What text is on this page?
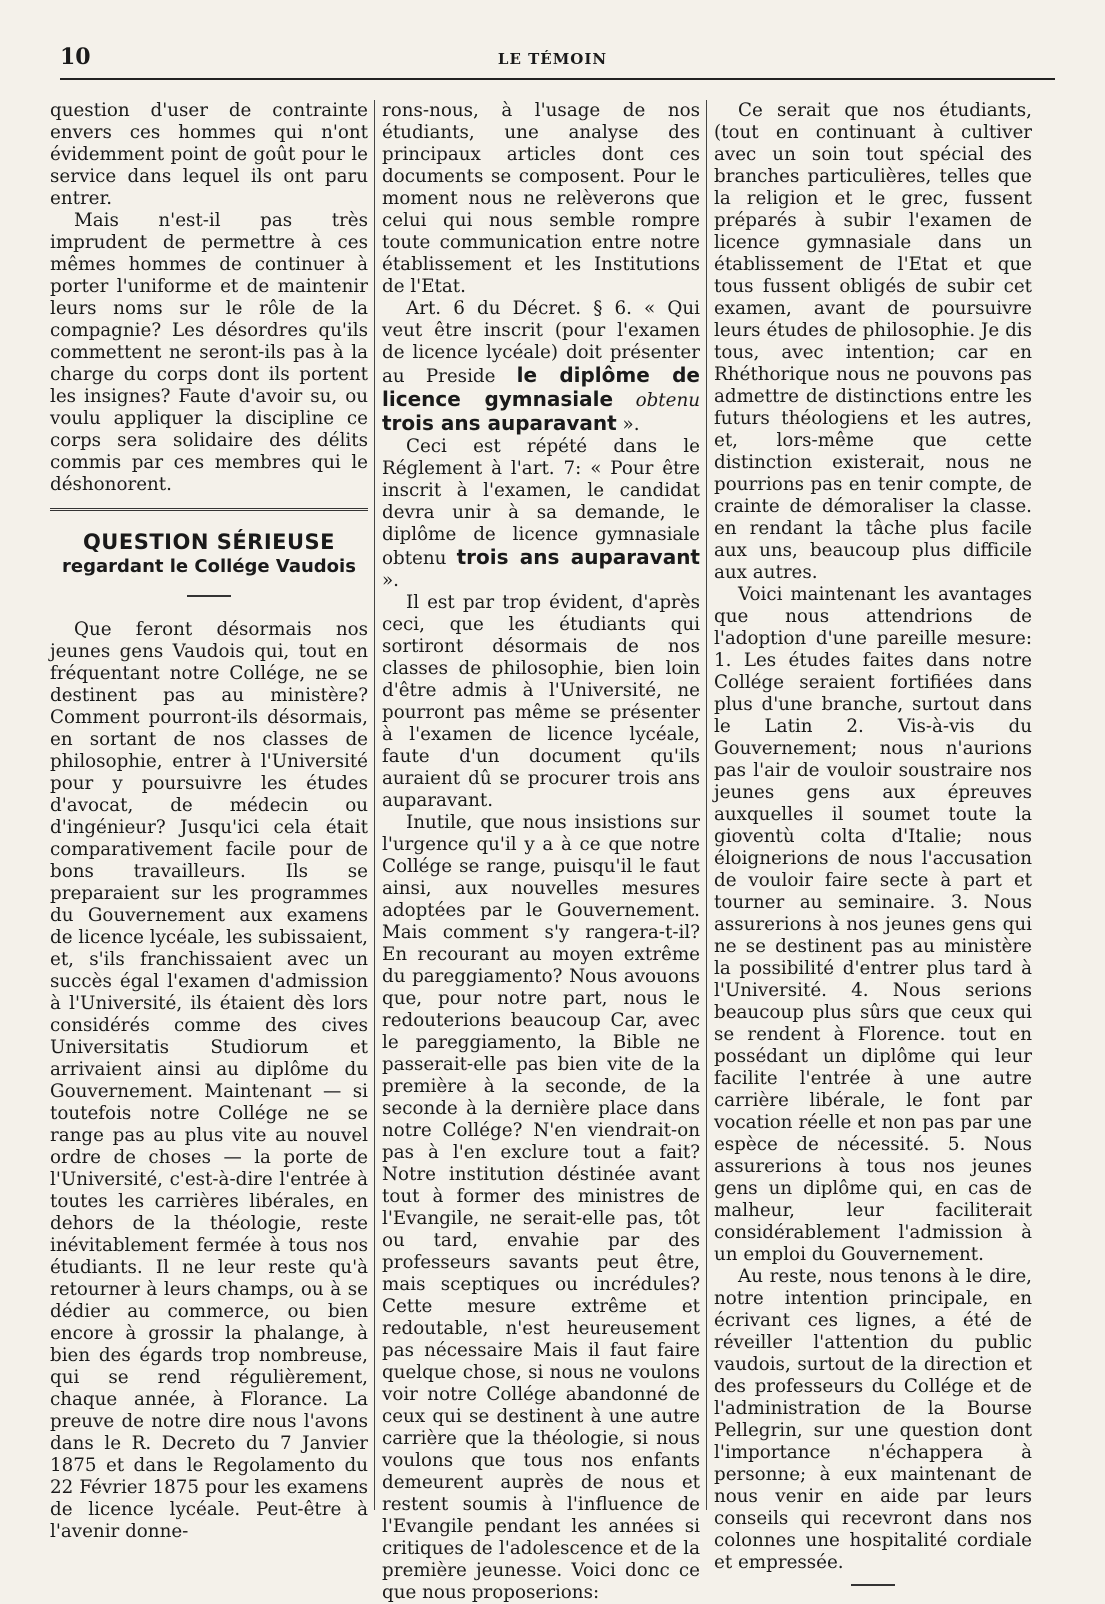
10	LE TÉMOIN

question d'user de contrainte envers ces hommes qui n'ont évidemment point de goût pour le service dans lequel ils ont paru entrer.

Mais n'est-il pas très imprudent de permettre à ces mêmes hommes de continuer à porter l'uniforme et de maintenir leurs noms sur le rôle de la compagnie? Les désordres qu'ils commettent ne seront-ils pas à la charge du corps dont ils portent les insignes? Faute d'avoir su, ou voulu appliquer la discipline ce corps sera solidaire des délits commis par ces membres qui le déshonorent.

QUESTION SÉRIEUSE
regardant le Collége Vaudois

Que feront désormais nos jeunes gens Vaudois qui, tout en fréquentant notre Collége, ne se destinent pas au ministère? Comment pourront-ils désormais, en sortant de nos classes de philosophie, entrer à l'Université pour y poursuivre les études d'avocat, de médecin ou d'ingénieur? Jusqu'ici cela était comparativement facile pour de bons travailleurs. Ils se preparaient sur les programmes du Gouvernement aux examens de licence lycéale, les subissaient, et, s'ils franchissaient avec un succès égal l'examen d'admission à l'Université, ils étaient dès lors considérés comme des cives Universitatis Studiorum et arrivaient ainsi au diplôme du Gouvernement. Maintenant — si toutefois notre Collége ne se range pas au plus vite au nouvel ordre de choses — la porte de l'Université, c'est-à-dire l'entrée à toutes les carrières libérales, en dehors de la théologie, reste inévitablement fermée à tous nos étudiants. Il ne leur reste qu'à retourner à leurs champs, ou à se dédier au commerce, ou bien encore à grossir la phalange, à bien des égards trop nombreuse, qui se rend régulièrement, chaque année, à Florance. La preuve de notre dire nous l'avons dans le R. Decreto du 7 Janvier 1875 et dans le Regolamento du 22 Février 1875 pour les examens de licence lycéale. Peut-être à l'avenir donne-

rons-nous, à l'usage de nos étudiants, une analyse des principaux articles dont ces documents se composent. Pour le moment nous ne relèverons que celui qui nous semble rompre toute communication entre notre établissement et les Institutions de l'Etat.

Art. 6 du Décret. § 6. « Qui veut être inscrit (pour l'examen de licence lycéale) doit présenter au Preside le diplôme de licence gymnasiale obtenu trois ans auparavant ».

Ceci est répété dans le Réglement à l'art. 7: « Pour être inscrit à l'examen, le candidat devra unir à sa demande, le diplôme de licence gymnasiale obtenu trois ans auparavant ».

Il est par trop évident, d'après ceci, que les étudiants qui sortiront désormais de nos classes de philosophie, bien loin d'être admis à l'Université, ne pourront pas même se présenter à l'examen de licence lycéale, faute d'un document qu'ils auraient dû se procurer trois ans auparavant.

Inutile, que nous insistions sur l'urgence qu'il y a à ce que notre Collége se range, puisqu'il le faut ainsi, aux nouvelles mesures adoptées par le Gouvernement. Mais comment s'y rangera-t-il? En recourant au moyen extrême du pareggiamento? Nous avouons que, pour notre part, nous le redouterions beaucoup Car, avec le pareggiamento, la Bible ne passerait-elle pas bien vite de la première à la seconde, de la seconde à la dernière place dans notre Collége? N'en viendrait-on pas à l'en exclure tout a fait? Notre institution déstinée avant tout à former des ministres de l'Evangile, ne serait-elle pas, tôt ou tard, envahie par des professeurs savants peut être, mais sceptiques ou incrédules? Cette mesure extrême et redoutable, n'est heureusement pas nécessaire Mais il faut faire quelque chose, si nous ne voulons voir notre Collége abandonné de ceux qui se destinent à une autre carrière que la théologie, si nous voulons que tous nos enfants demeurent auprès de nous et restent soumis à l'influence de l'Evangile pendant les années si critiques de l'adolescence et de la première jeunesse. Voici donc ce que nous proposerions:

Ce serait que nos étudiants, (tout en continuant à cultiver avec un soin tout spécial des branches particulières, telles que la religion et le grec, fussent préparés à subir l'examen de licence gymnasiale dans un établissement de l'Etat et que tous fussent obligés de subir cet examen, avant de poursuivre leurs études de philosophie. Je dis tous, avec intention; car en Rhéthorique nous ne pouvons pas admettre de distinctions entre les futurs théologiens et les autres, et, lors-même que cette distinction existerait, nous ne pourrions pas en tenir compte, de crainte de démoraliser la classe. en rendant la tâche plus facile aux uns, beaucoup plus difficile aux autres.

Voici maintenant les avantages que nous attendrions de l'adoption d'une pareille mesure: 1. Les études faites dans notre Collége seraient fortifiées dans plus d'une branche, surtout dans le Latin 2. Vis-à-vis du Gouvernement; nous n'aurions pas l'air de vouloir soustraire nos jeunes gens aux épreuves auxquelles il soumet toute la gioventù colta d'Italie; nous éloignerions de nous l'accusation de vouloir faire secte à part et tourner au seminaire. 3. Nous assurerions à nos jeunes gens qui ne se destinent pas au ministère la possibilité d'entrer plus tard à l'Université. 4. Nous serions beaucoup plus sûrs que ceux qui se rendent à Florence. tout en possédant un diplôme qui leur facilite l'entrée à une autre carrière libérale, le font par vocation réelle et non pas par une espèce de nécessité. 5. Nous assurerions à tous nos jeunes gens un diplôme qui, en cas de malheur, leur faciliterait considérablement l'admission à un emploi du Gouvernement.

Au reste, nous tenons à le dire, notre intention principale, en écrivant ces lignes, a été de réveiller l'attention du public vaudois, surtout de la direction et des professeurs du Collége et de l'administration de la Bourse Pellegrin, sur une question dont l'importance n'échappera à personne; à eux maintenant de nous venir en aide par leurs conseils qui recevront dans nos colonnes une hospitalité cordiale et empressée.
